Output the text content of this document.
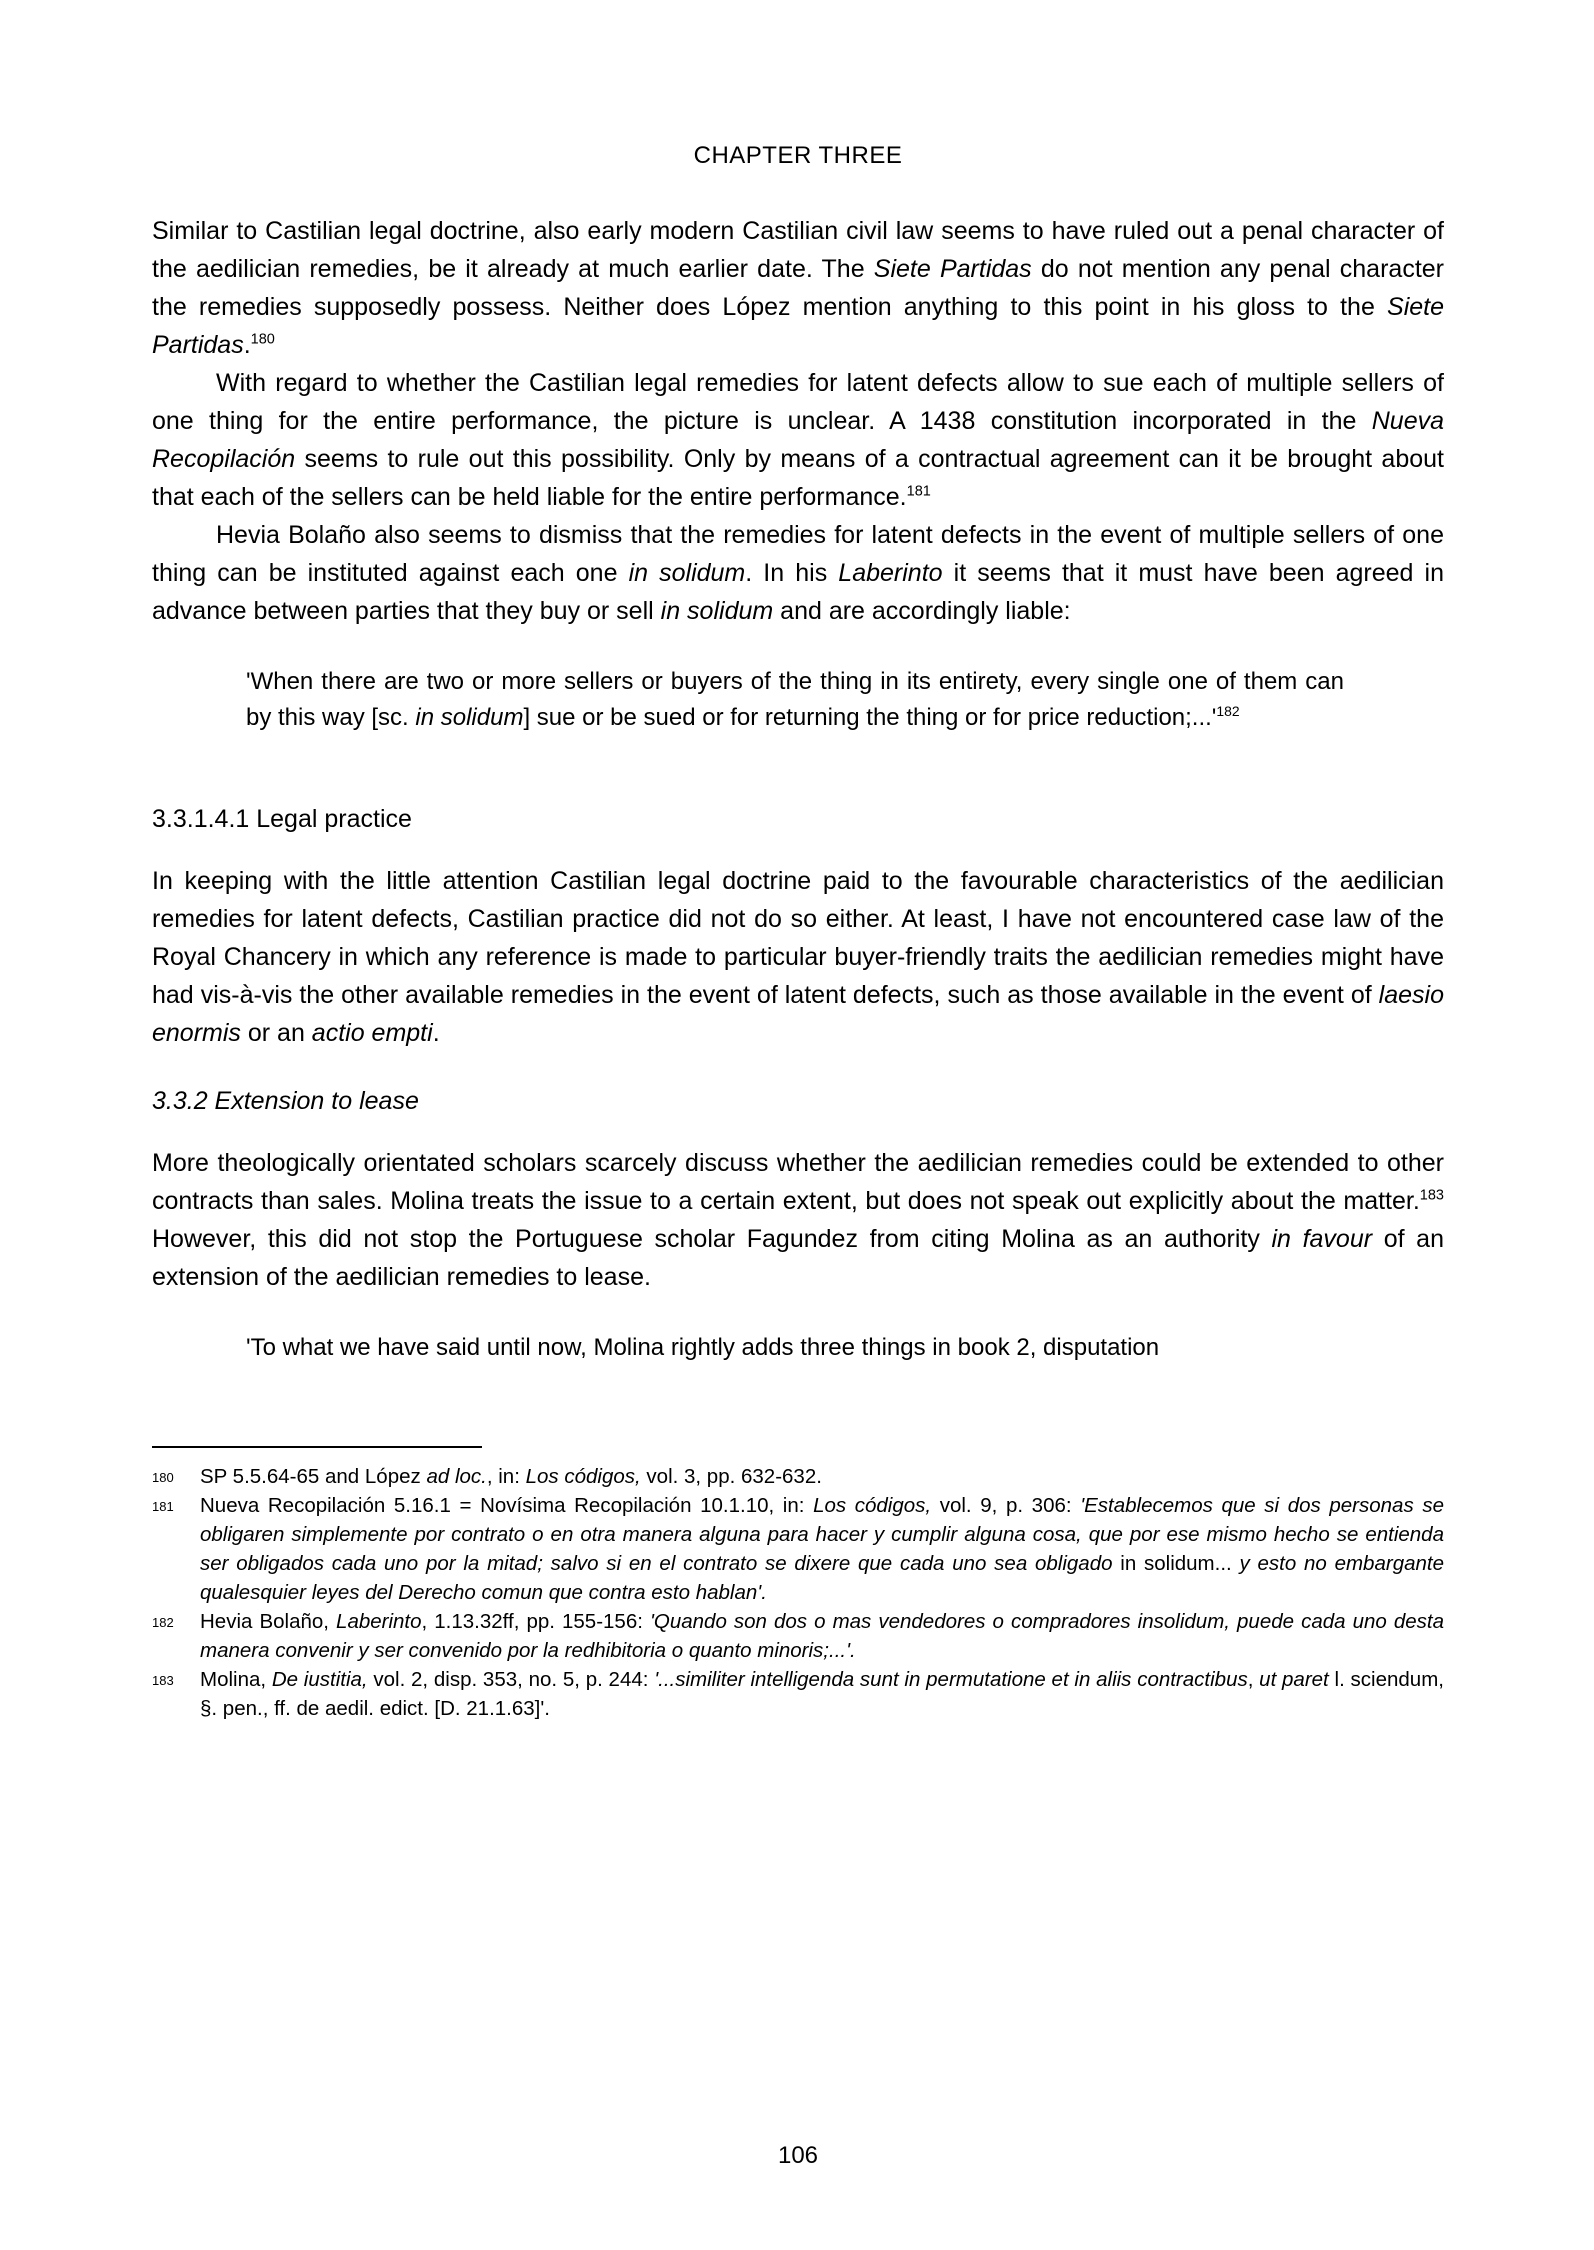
CHAPTER THREE

Similar to Castilian legal doctrine, also early modern Castilian civil law seems to have ruled out a penal character of the aedilician remedies, be it already at much earlier date. The Siete Partidas do not mention any penal character the remedies supposedly possess. Neither does López mention anything to this point in his gloss to the Siete Partidas.$^{180}$

With regard to whether the Castilian legal remedies for latent defects allow to sue each of multiple sellers of one thing for the entire performance, the picture is unclear. A 1438 constitution incorporated in the Nueva Recopilación seems to rule out this possibility. Only by means of a contractual agreement can it be brought about that each of the sellers can be held liable for the entire performance.$^{181}$

Hevia Bolaño also seems to dismiss that the remedies for latent defects in the event of multiple sellers of one thing can be instituted against each one in solidum. In his Laberinto it seems that it must have been agreed in advance between parties that they buy or sell in solidum and are accordingly liable:

'When there are two or more sellers or buyers of the thing in its entirety, every single one of them can by this way [sc. in solidum] sue or be sued or for returning the thing or for price $reduction;...'^{182}$
3.3.1.4.1 Legal practice

In keeping with the little attention Castilian legal doctrine paid to the favourable characteristics of the aedilician remedies for latent defects, Castilian practice did not do so either. At least, I have not encountered case law of the Royal Chancery in which any reference is made to particular buyer-friendly traits the aedilician remedies might have had vis-à-vis the other available remedies in the event of latent defects, such as those available in the event of laesio enormis or an actio empti.

3.3.2 Extension to lease

More theologically orientated scholars scarcely discuss whether the aedilician remedies could be extended to other contracts than sales. Molina treats the issue to a certain extent, but does not speak out explicitly about the matter.$^{183}$ However, this did not stop the Portuguese scholar Fagundez from citing Molina as an authority in favour of an extension of the aedilician remedies to lease.

'To what we have said until now, Molina rightly adds three things in book 2, disputation
180 SP 5.5.64-65 and López ad loc., in: Los códigos, vol. 3, pp. 632-632.
181 Nueva Recopilación 5.16.1 = Novísima Recopilación 10.1.10, in: Los códigos, vol. 9, p. 306: 'Establecemos que si dos personas se obligaren simplemente por contrato o en otra manera alguna para hacer y cumplir alguna cosa, que por ese mismo hecho se entienda ser obligados cada uno por la mitad; salvo si en el contrato se dixere que cada uno sea obligado in solidum... y esto no embargante qualesquier leyes del Derecho comun que contra esto hablan'.
182 Hevia Bolaño, Laberinto, 1.13.32ff, pp. 155-156: 'Quando son dos o mas vendedores o compradores insolidum, puede cada uno desta manera convenir y ser convenido por la redhibitoria o quanto minoris;...'.
183 Molina, De iustitia, vol. 2, disp. 353, no. 5, p. 244: '...similiter intelligenda sunt in permutatione et in aliis contractibus, ut paret l. sciendum, §. pen., ff. de aedil. edict. [D. 21.1.63]'.
106
